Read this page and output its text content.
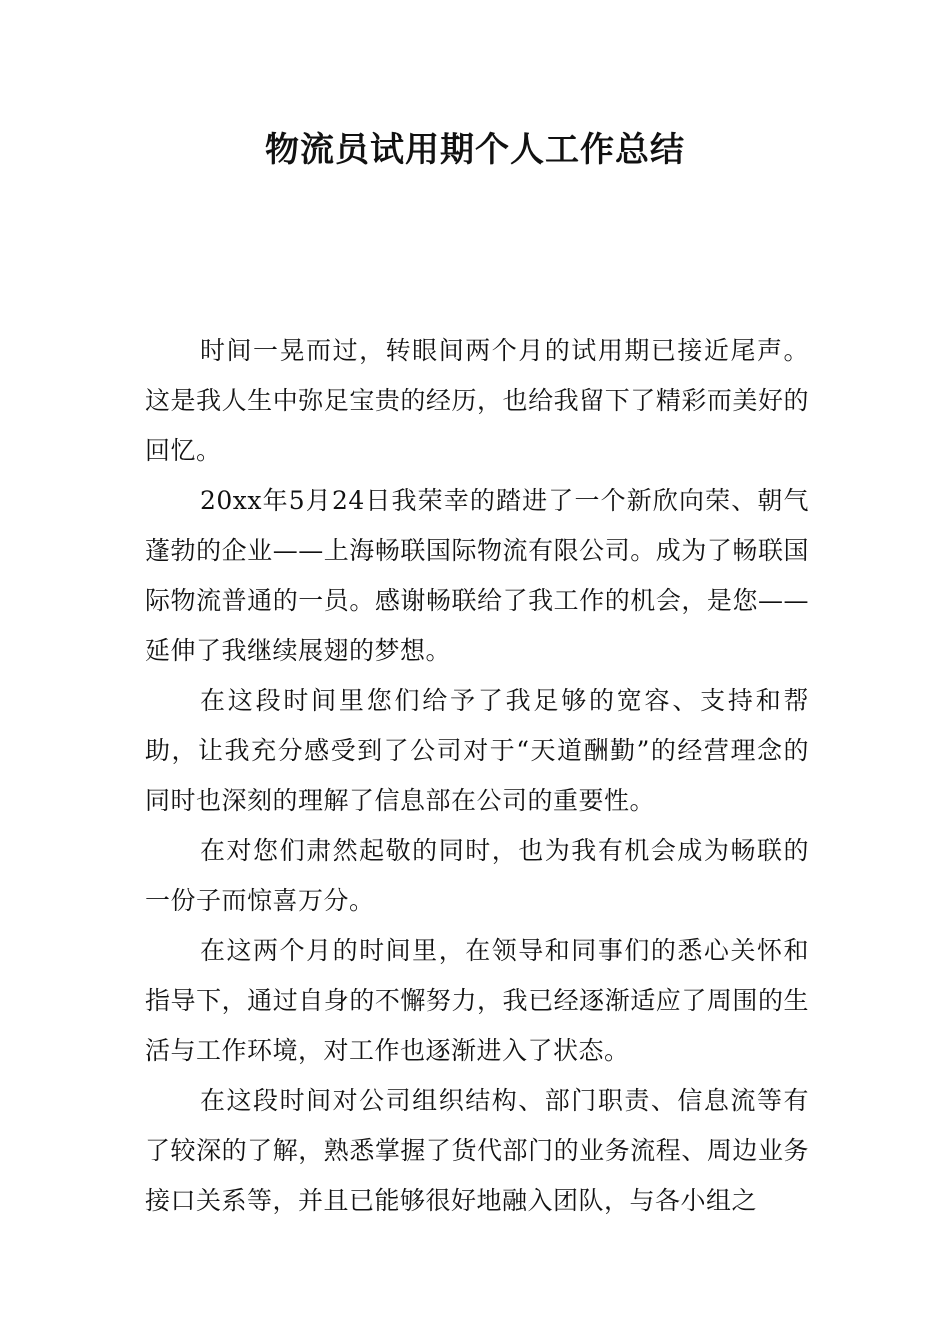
物流员试用期个人工作总结

时间一晃而过，转眼间两个月的试用期已接近尾声。这是我人生中弥足宝贵的经历，也给我留下了精彩而美好的回忆。

20xx年5月24日我荣幸的踏进了一个新欣向荣、朝气蓬勃的企业——上海畅联国际物流有限公司。成为了畅联国际物流普通的一员。感谢畅联给了我工作的机会，是您——延伸了我继续展翅的梦想。

在这段时间里您们给予了我足够的宽容、支持和帮助，让我充分感受到了公司对于“天道酬勤”的经营理念的同时也深刻的理解了信息部在公司的重要性。

在对您们肃然起敬的同时，也为我有机会成为畅联的一份子而惊喜万分。

在这两个月的时间里，在领导和同事们的悉心关怀和指导下，通过自身的不懈努力，我已经逐渐适应了周围的生活与工作环境，对工作也逐渐进入了状态。

在这段时间对公司组织结构、部门职责、信息流等有了较深的了解，熟悉掌握了货代部门的业务流程、周边业务接口关系等，并且已能够很好地融入团队，与各小组之
